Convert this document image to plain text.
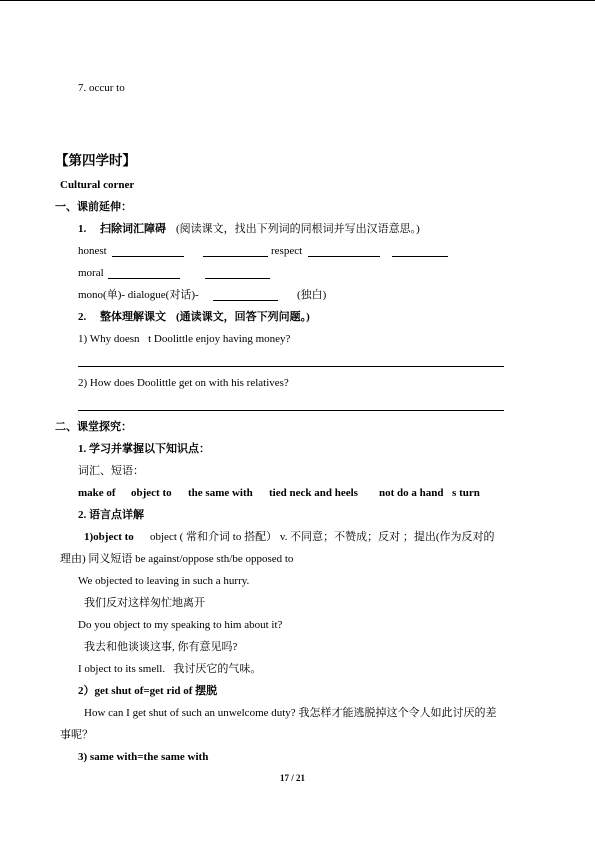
7. occur to
【第四学时】
Cultural corner
一、课前延伸：
1. 扫除词汇障碍 (阅读课文，找出下列词的同根词并写出汉语意思。)
honest	respect
moral
mono(单)- dialogue(对话)-	(独白)
2. 整体理解课文 (通读课文，回答下列问题。)
1) Why doesn t Doolittle enjoy having money?
2) How does Doolittle get on with his relatives?
二、课堂探究：
1. 学习并掌握以下知识点：
词汇、短语：
make of object to the same with tied neck and heels not do a hand s turn
2. 语言点详解
1)object to object ( 常和介词 to 搭配） v. 不同意；不赞成；反对 ；提出(作为反对的
理由) 同义短语 be against/oppose sth/be opposed to
We objected to leaving in such a hurry.
我们反对这样匆忙地离开
Do you object to my speaking to him about it?
我去和他谈谈这事, 你有意见吗?
I object to its smell.   我讨厌它的气味。
2）get shut of=get rid of 摆脱
How can I get shut of such an unwelcome duty? 我怎样才能逃脱掉这个令人如此讨厌的差
事呢？
3) same with=the same with
17 / 21
